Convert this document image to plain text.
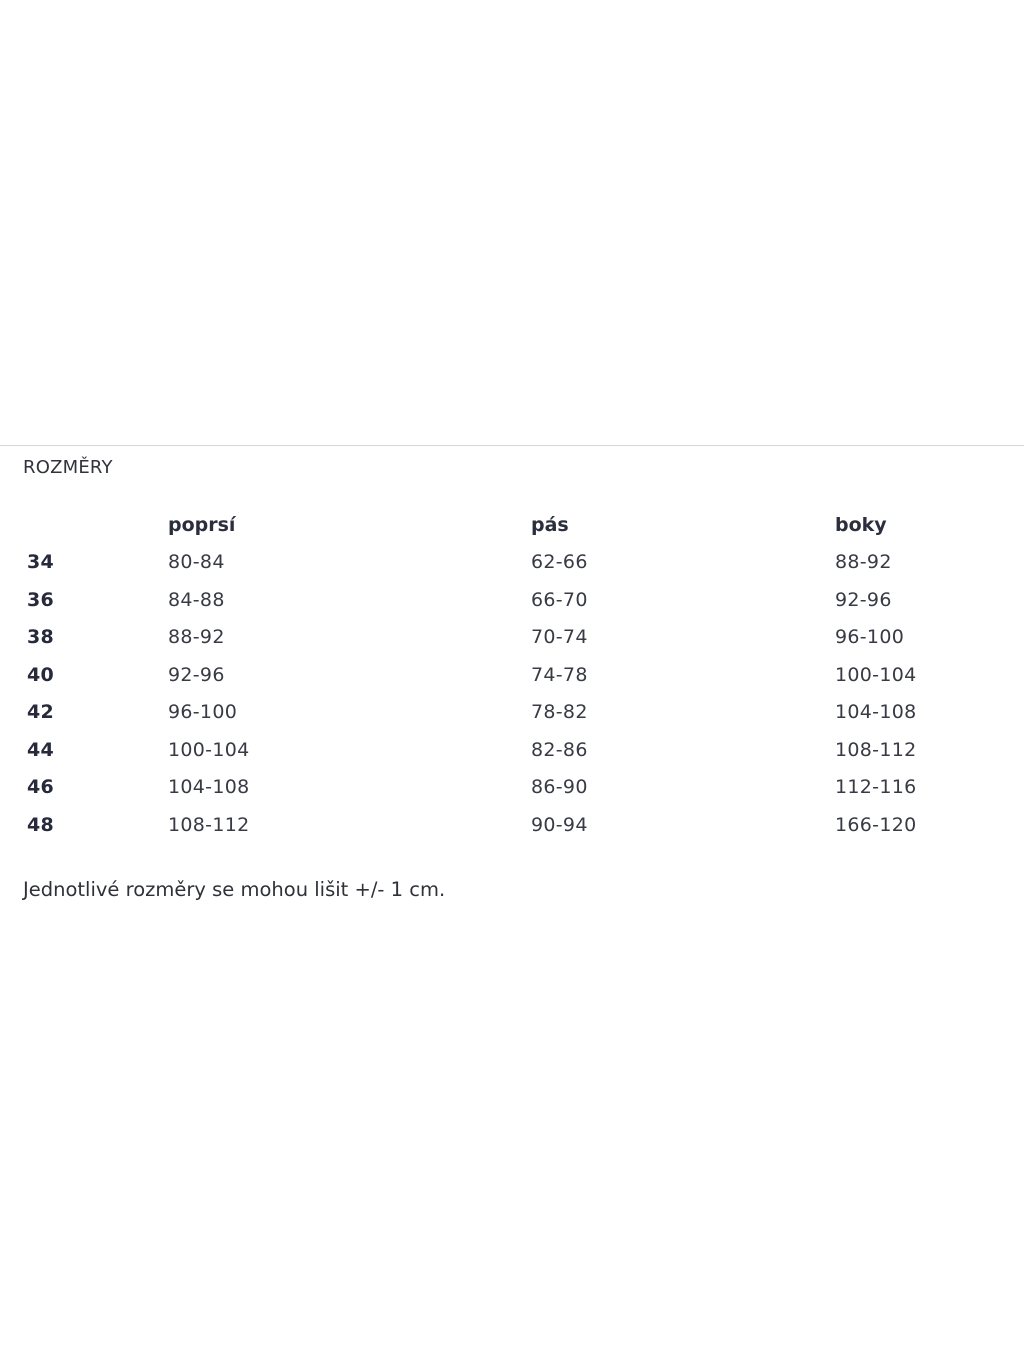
ROZMĚRY
	poprsí	pás	boky
34	80-84	62-66	88-92
36	84-88	66-70	92-96
38	88-92	70-74	96-100
40	92-96	74-78	100-104
42	96-100	78-82	104-108
44	100-104	82-86	108-112
46	104-108	86-90	112-116
48	108-112	90-94	166-120

Jednotlivé rozměry se mohou lišit +/- 1 cm.
